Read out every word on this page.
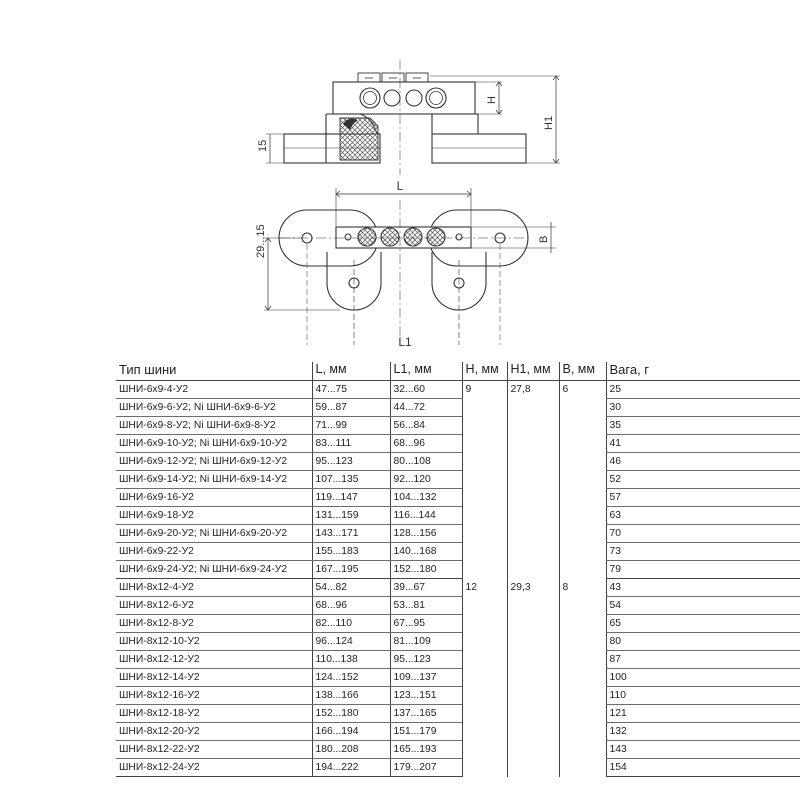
H
H1
15
L
B
29...15
L1
Тип шини	L, мм	L1, мм	H, мм	H1, мм	B, мм	Вага, г
ШНИ-6х9-4-У2	47...75	32...60	9	27,8	6	25
ШНИ-6х9-6-У2; Ni ШНИ-6х9-6-У2	59...87	44...72				30
ШНИ-6х9-8-У2; Ni ШНИ-6х9-8-У2	71...99	56...84				35
ШНИ-6х9-10-У2; Ni ШНИ-6х9-10-У2	83...111	68...96				41
ШНИ-6х9-12-У2; Ni ШНИ-6х9-12-У2	95...123	80...108				46
ШНИ-6х9-14-У2; Ni ШНИ-6х9-14-У2	107...135	92...120				52
ШНИ-6х9-16-У2	119...147	104...132				57
ШНИ-6х9-18-У2	131...159	116...144				63
ШНИ-6х9-20-У2; Ni ШНИ-6х9-20-У2	143...171	128...156				70
ШНИ-6х9-22-У2	155...183	140...168				73
ШНИ-6х9-24-У2; Ni ШНИ-6х9-24-У2	167...195	152...180				79
ШНИ-8х12-4-У2	54...82	39...67	12	29,3	8	43
ШНИ-8х12-6-У2	68...96	53...81				54
ШНИ-8х12-8-У2	82...110	67...95				65
ШНИ-8х12-10-У2	96...124	81...109				80
ШНИ-8х12-12-У2	110...138	95...123				87
ШНИ-8х12-14-У2	124...152	109...137				100
ШНИ-8х12-16-У2	138...166	123...151				110
ШНИ-8х12-18-У2	152...180	137...165				121
ШНИ-8х12-20-У2	166...194	151...179				132
ШНИ-8х12-22-У2	180...208	165...193				143
ШНИ-8х12-24-У2	194...222	179...207				154
